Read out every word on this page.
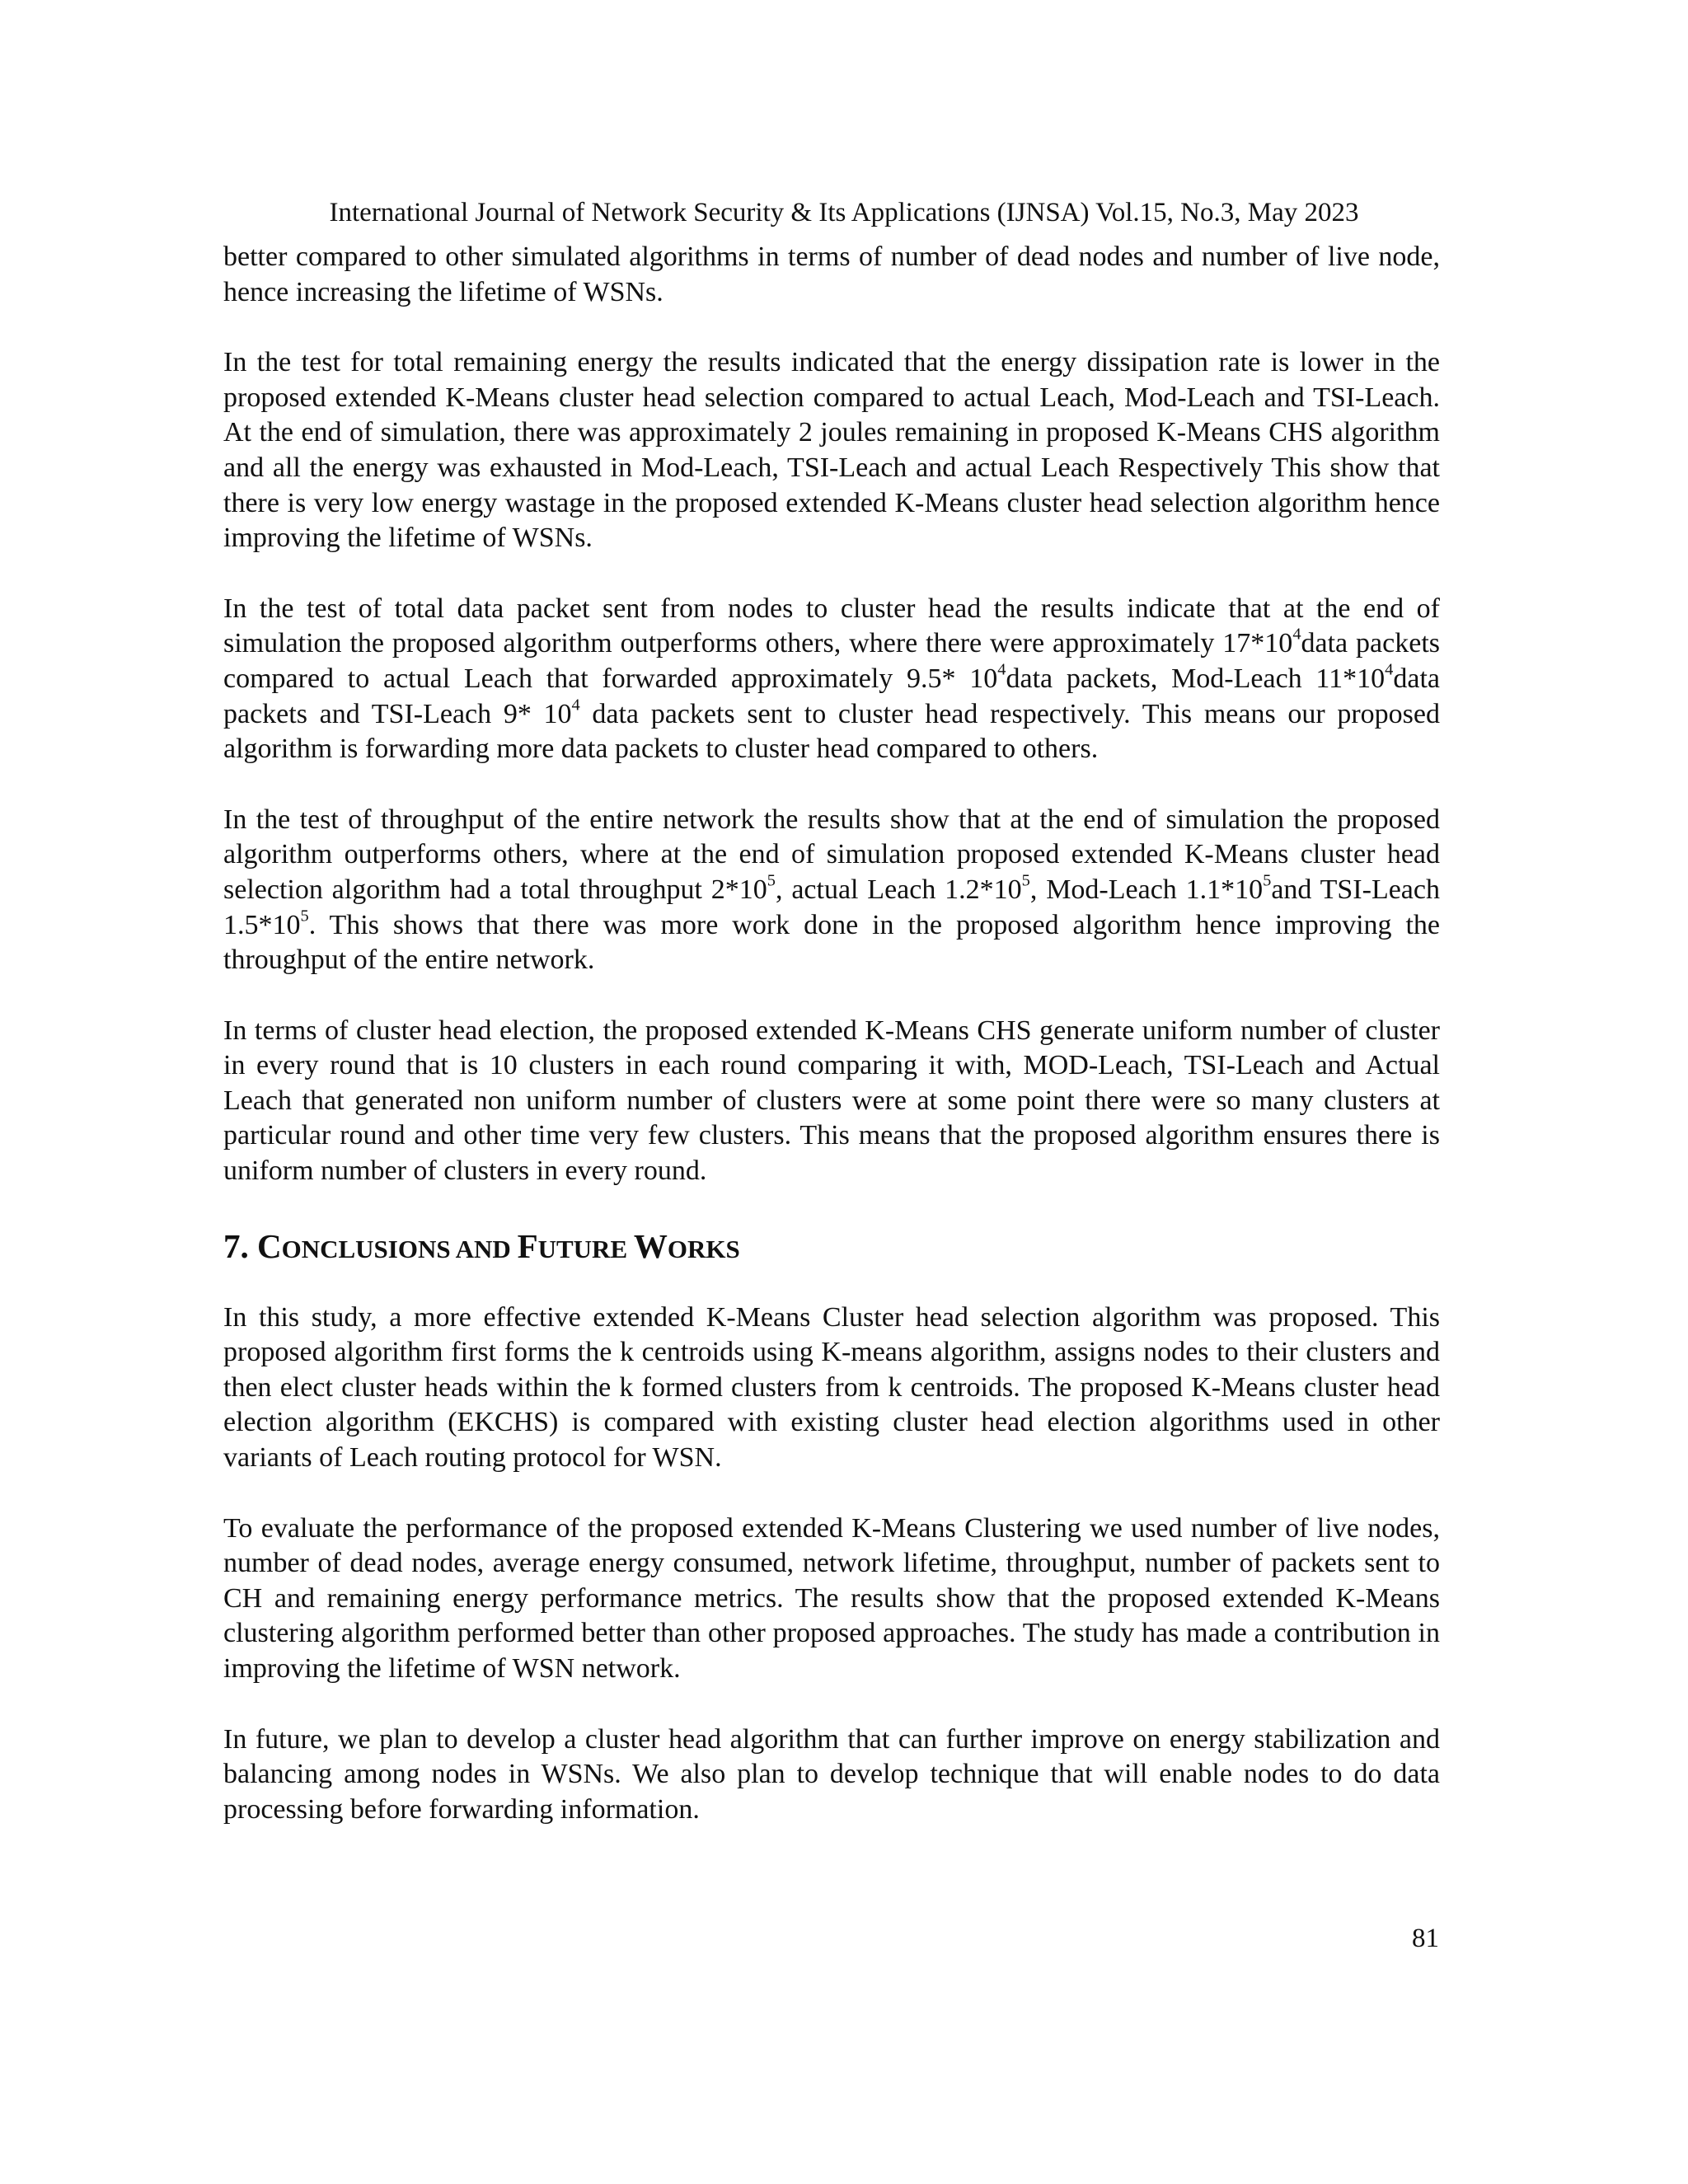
International Journal of Network Security & Its Applications (IJNSA) Vol.15, No.3, May 2023

better compared to other simulated algorithms in terms of number of dead nodes and number of live node, hence increasing the lifetime of WSNs.

In the test for total remaining energy the results indicated that the energy dissipation rate is lower in the proposed extended K-Means cluster head selection compared to actual Leach, Mod-Leach and TSI-Leach. At the end of simulation, there was approximately 2 joules remaining in proposed K-Means CHS algorithm and all the energy was exhausted in Mod-Leach, TSI-Leach and actual Leach Respectively This show that there is very low energy wastage in the proposed extended K-Means cluster head selection algorithm hence improving the lifetime of WSNs.

In the test of total data packet sent from nodes to cluster head the results indicate that at the end of simulation the proposed algorithm outperforms others, where there were approximately $17*10^4data$ packets compared to actual Leach that forwarded approximately 9.5* $10^4data$ packets, Mod-Leach $11*10^4data$ packets and TSI-Leach 9* $10^4$ data packets sent to cluster head respectively. This means our proposed algorithm is forwarding more data packets to cluster head compared to others.

In the test of throughput of the entire network the results show that at the end of simulation the proposed algorithm outperforms others, where at the end of simulation proposed extended K-Means cluster head selection algorithm had a total throughput $2*10^5$, actual Leach $1.2*10^5$, Mod-Leach $1.1*10^5and$ TSI-Leach $1.5*10^5$. This shows that there was more work done in the proposed algorithm hence improving the throughput of the entire network.

In terms of cluster head election, the proposed extended K-Means CHS generate uniform number of cluster in every round that is 10 clusters in each round comparing it with, MOD-Leach, TSI-Leach and Actual Leach that generated non uniform number of clusters were at some point there were so many clusters at particular round and other time very few clusters. This means that the proposed algorithm ensures there is uniform number of clusters in every round.

7. CONCLUSIONS AND FUTURE WORKS

In this study, a more effective extended K-Means Cluster head selection algorithm was proposed. This proposed algorithm first forms the k centroids using K-means algorithm, assigns nodes to their clusters and then elect cluster heads within the k formed clusters from k centroids. The proposed K-Means cluster head election algorithm (EKCHS) is compared with existing cluster head election algorithms used in other variants of Leach routing protocol for WSN.

To evaluate the performance of the proposed extended K-Means Clustering we used number of live nodes, number of dead nodes, average energy consumed, network lifetime, throughput, number of packets sent to CH and remaining energy performance metrics. The results show that the proposed extended K-Means clustering algorithm performed better than other proposed approaches. The study has made a contribution in improving the lifetime of WSN network.

In future, we plan to develop a cluster head algorithm that can further improve on energy stabilization and balancing among nodes in WSNs. We also plan to develop technique that will enable nodes to do data processing before forwarding information.

81
